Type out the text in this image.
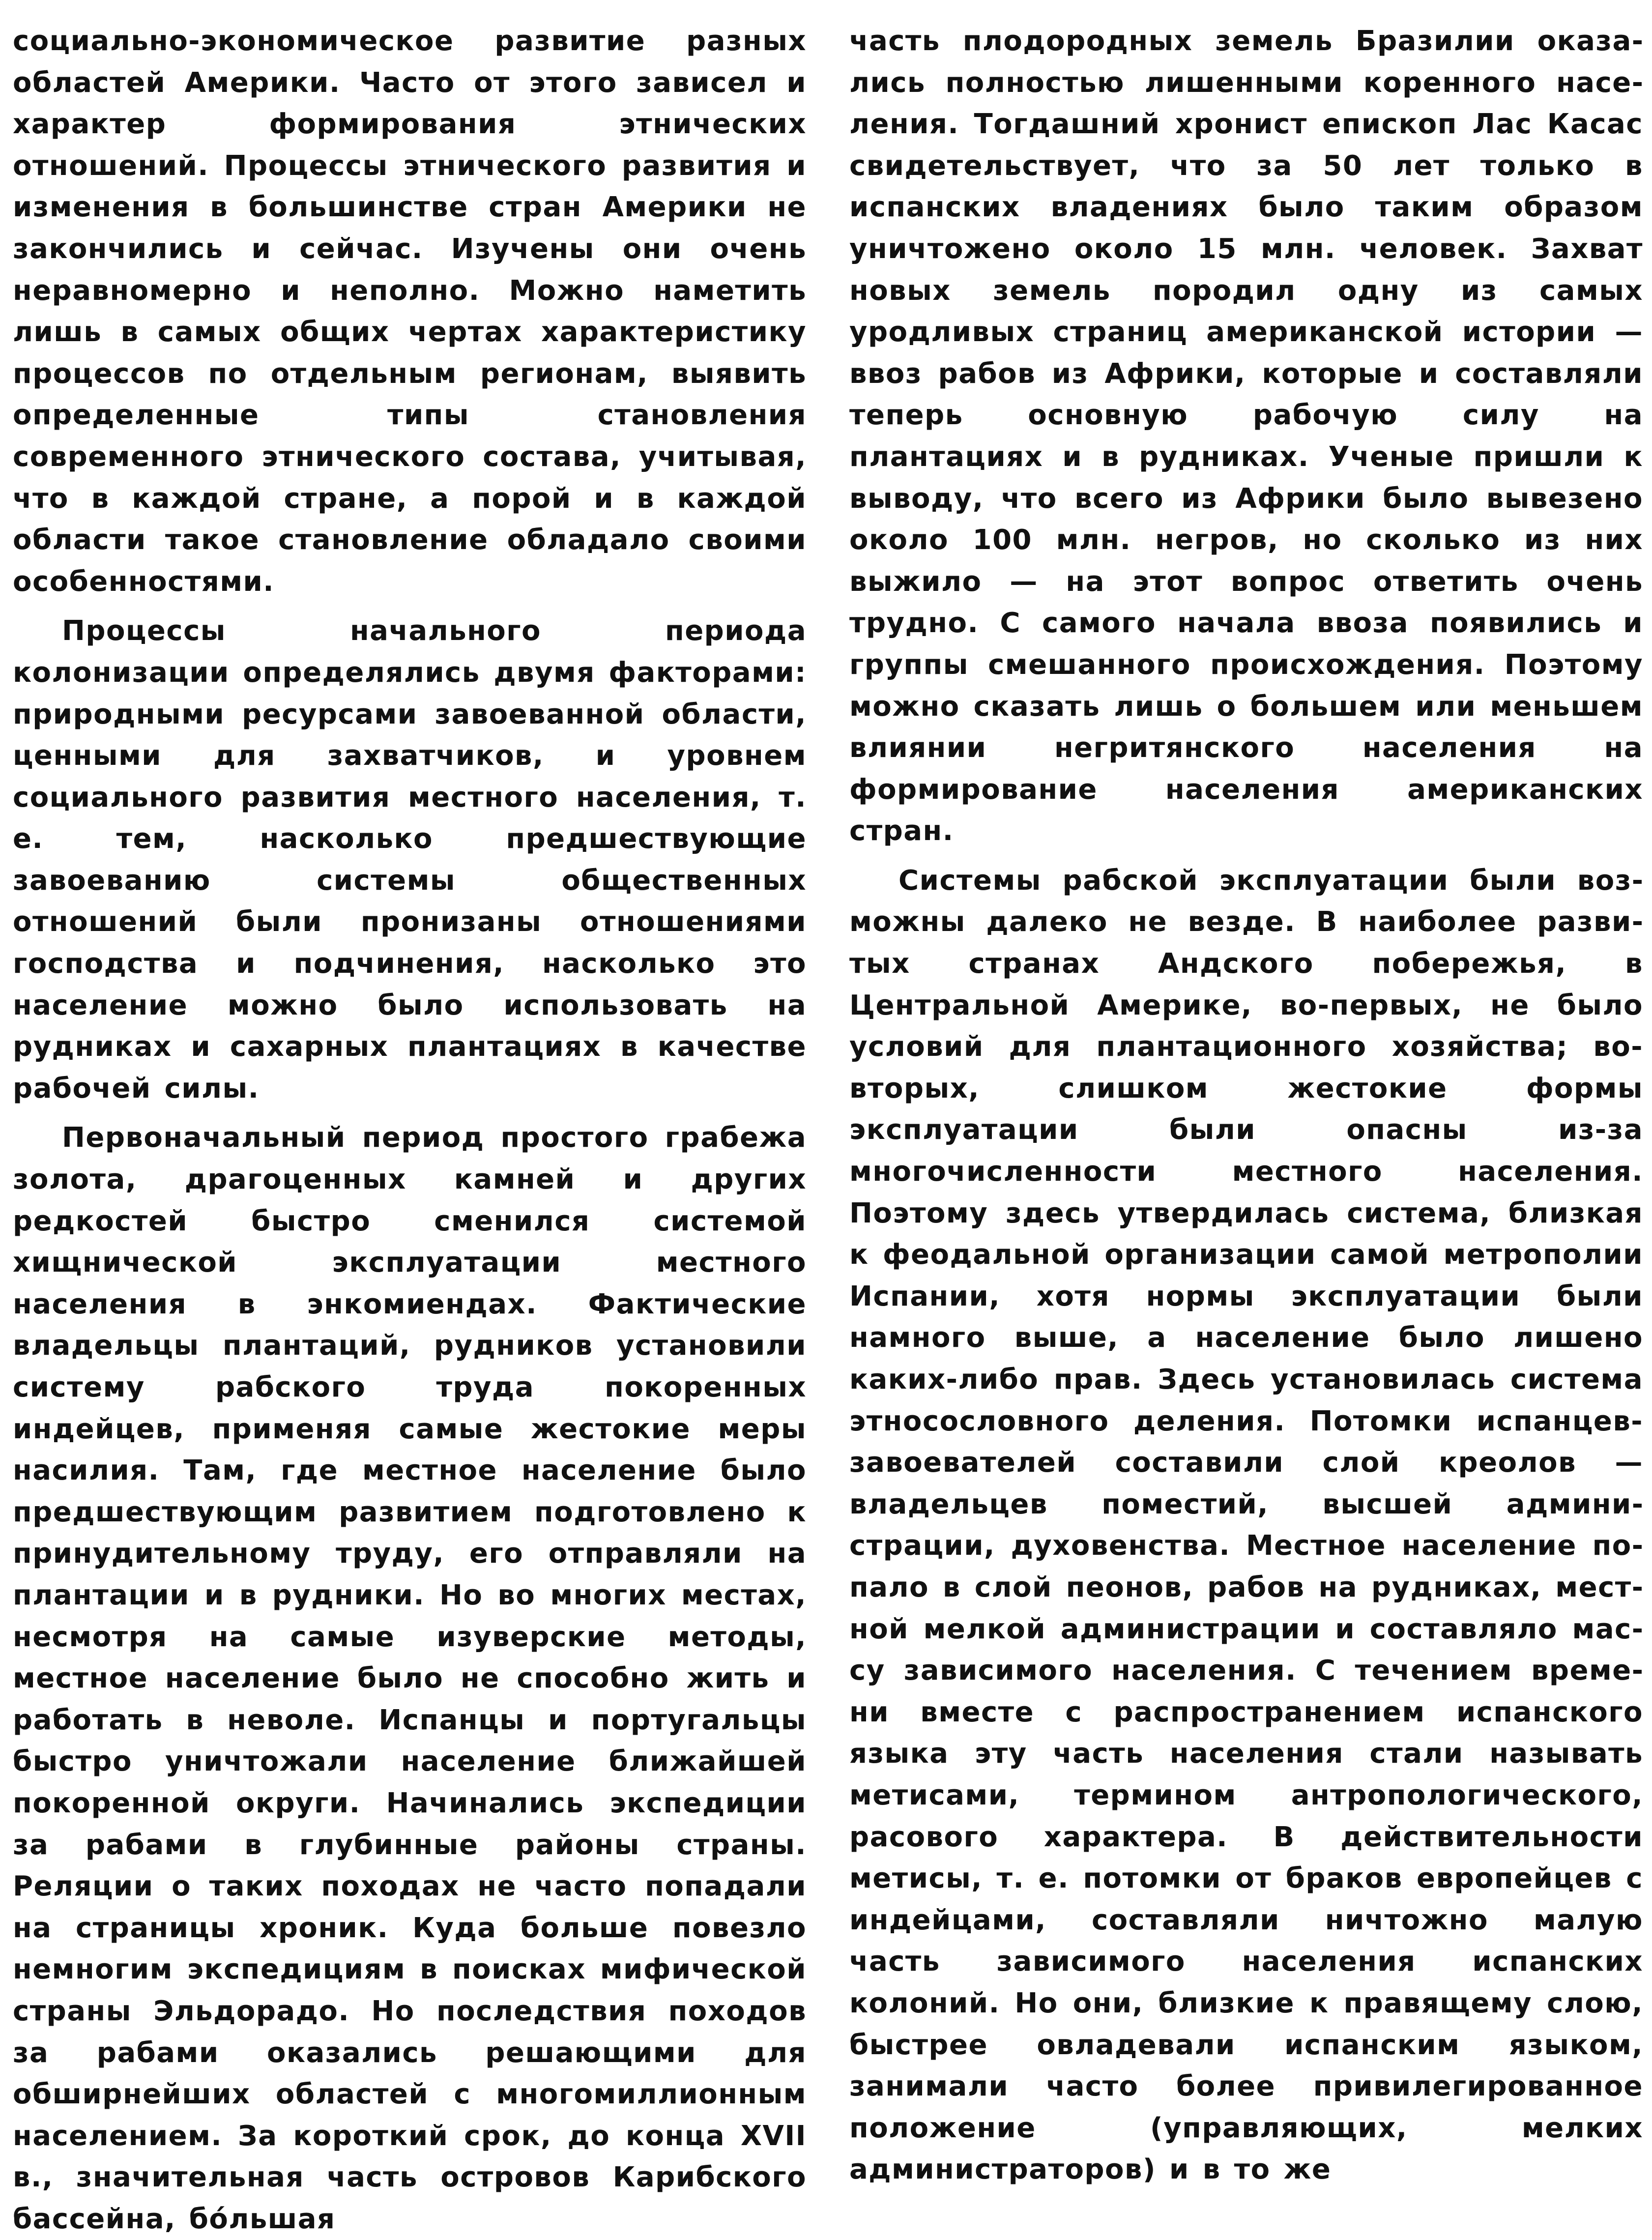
социально-экономическое развитие разных областей Америки. Часто от этого зависел и характер формирования этнических отношений. Процессы этнического развития и изменения в большинстве стран Америки не закончились и сейчас. Изучены они очень неравномерно и неполно. Можно наметить лишь в самых общих чертах характеристику процессов по отдельным регионам, выявить определенные типы становления современного этнического состава, учитывая, что в каждой стране, а порой и в каждой области такое становление обладало своими особенностями.

Процессы начального периода колонизации определялись двумя факторами: природными ресурсами завоеванной области, ценными для захватчиков, и уровнем социального развития местного населения, т. е. тем, насколько предшествующие завоеванию системы общественных отношений были пронизаны отношениями господства и подчинения, насколько это население можно было использовать на рудниках и сахарных плантациях в качестве рабочей силы.

Первоначальный период простого грабежа золота, драгоценных камней и других редкостей быстро сменился системой хищнической эксплуатации местного населения в энкомиендах. Фактические владельцы плантаций, рудников установили систему рабского труда покоренных индейцев, применяя самые жестокие меры насилия. Там, где местное население было предшествующим развитием подготовлено к принудительному труду, его отправляли на плантации и в рудники. Но во многих местах, несмотря на самые изуверские методы, местное население было не способно жить и работать в неволе. Испанцы и португальцы быстро уничтожали население ближайшей покоренной округи. Начинались экспедиции за рабами в глубинные районы страны. Реляции о таких походах не часто попадали на страницы хроник. Куда больше повезло немногим экспедициям в поисках мифической страны Эльдорадо. Но последствия походов за рабами оказались решающими для обширнейших областей с многомиллионным населением. За короткий срок, до конца XVII в., значительная часть островов Карибского бассейна, бóльшая

часть плодородных земель Бразилии оказались полностью лишенными коренного населения. Тогдашний хронист епископ Лас Касас свидетельствует, что за 50 лет только в испанских владениях было таким образом уничтожено около 15 млн. человек. Захват новых земель породил одну из самых уродливых страниц американской истории — ввоз рабов из Африки, которые и составляли теперь основную рабочую силу на плантациях и в рудниках. Ученые пришли к выводу, что всего из Африки было вывезено около 100 млн. негров, но сколько из них выжило — на этот вопрос ответить очень трудно. С самого начала ввоза появились и группы смешанного происхождения. Поэтому можно сказать лишь о большем или меньшем влиянии негритянского населения на формирование населения американских стран.

Системы рабской эксплуатации были возможны далеко не везде. В наиболее развитых странах Андского побережья, в Центральной Америке, во-первых, не было условий для плантационного хозяйства; во-вторых, слишком жестокие формы эксплуатации были опасны из-за многочисленности местного населения. Поэтому здесь утвердилась система, близкая к феодальной организации самой метрополии Испании, хотя нормы эксплуатации были намного выше, а население было лишено каких-либо прав. Здесь установилась система этносословного деления. Потомки испанцев-завоевателей составили слой креолов — владельцев поместий, высшей администрации, духовенства. Местное население попало в слой пеонов, рабов на рудниках, местной мелкой администрации и составляло массу зависимого населения. С течением времени вместе с распространением испанского языка эту часть населения стали называть метисами, термином антропологического, расового характера. В действительности метисы, т. е. потомки от браков европейцев с индейцами, составляли ничтожно малую часть зависимого населения испанских колоний. Но они, близкие к правящему слою, быстрее овладевали испанским языком, занимали часто более привилегированное положение (управляющих, мелких администраторов) и в то же
